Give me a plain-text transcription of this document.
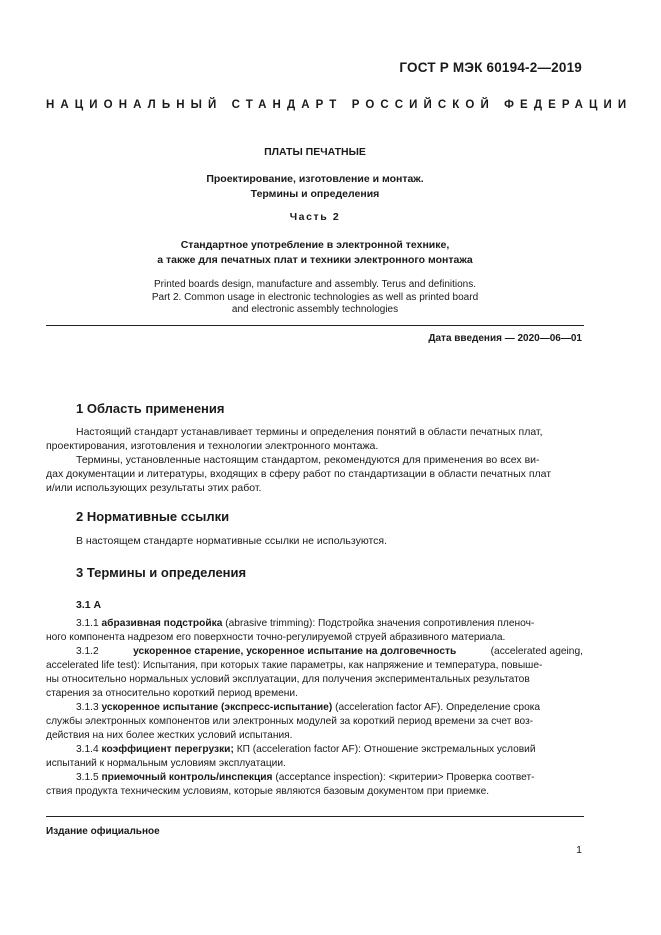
ГОСТ Р МЭК 60194-2—2019
НАЦИОНАЛЬНЫЙ СТАНДАРТ РОССИЙСКОЙ ФЕДЕРАЦИИ
ПЛАТЫ ПЕЧАТНЫЕ
Проектирование, изготовление и монтаж.
Термины и определения
Часть 2
Стандартное употребление в электронной технике,
а также для печатных плат и техники электронного монтажа
Printed boards design, manufacture and assembly. Terus and definitions.
Part 2. Common usage in electronic technologies as well as printed board
and electronic assembly technologies
Дата введения — 2020—06—01
1 Область применения
Настоящий стандарт устанавливает термины и определения понятий в области печатных плат,
проектирования, изготовления и технологии электронного монтажа.
Термины, установленные настоящим стандартом, рекомендуются для применения во всех ви-
дах документации и литературы, входящих в сферу работ по стандартизации в области печатных плат
и/или использующих результаты этих работ.
2 Нормативные ссылки
В настоящем стандарте нормативные ссылки не используются.
3 Термины и определения
3.1 А
3.1.1 абразивная подстройка (abrasive trimming): Подстройка значения сопротивления пленоч-
ного компонента надрезом его поверхности точно-регулируемой струей абразивного материала.
3.1.2	ускоренное старение, ускоренное испытание на долговечность	(accelerated ageing,
accelerated life test): Испытания, при которых такие параметры, как напряжение и температура, повыше-
ны относительно нормальных условий эксплуатации, для получения экспериментальных результатов
старения за относительно короткий период времени.
3.1.3 ускоренное испытание (экспресс-испытание) (acceleration factor AF). Определение срока
службы электронных компонентов или электронных модулей за короткий период времени за счет воз-
действия на них более жестких условий испытания.
3.1.4 коэффициент перегрузки; КП (acceleration factor AF): Отношение экстремальных условий
испытаний к нормальным условиям эксплуатации.
3.1.5 приемочный контроль/инспекция (acceptance inspection): <критерии> Проверка соответ-
ствия продукта техническим условиям, которые являются базовым документом при приемке.
Издание официальное
1
